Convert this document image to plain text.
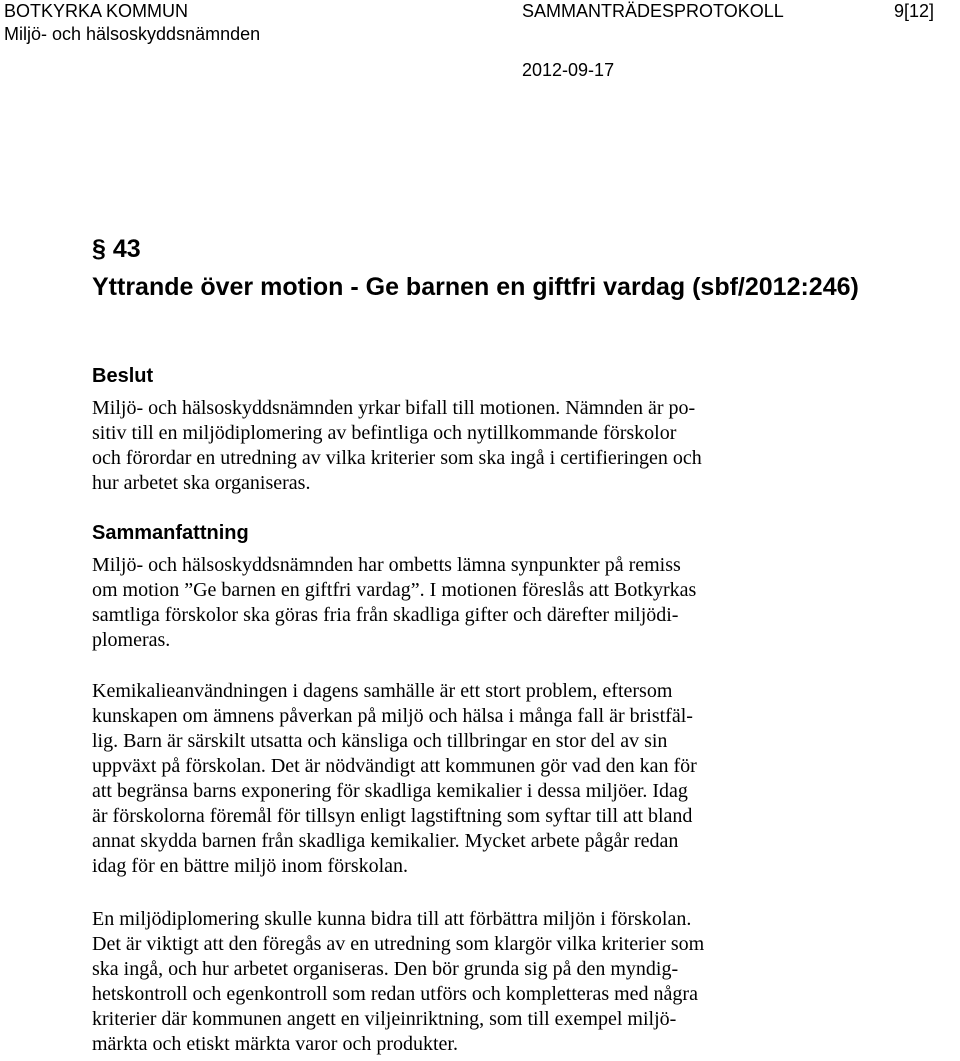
BOTKYRKA KOMMUN
Miljö- och hälsoskyddsnämnden
SAMMANTRÄDESPROTOKOLL	9[12]
2012-09-17
§ 43
Yttrande över motion - Ge barnen en giftfri vardag (sbf/2012:246)
Beslut
Miljö- och hälsoskyddsnämnden yrkar bifall till motionen. Nämnden är po-
sitiv till en miljödiplomering av befintliga och nytillkommande förskolor
och förordar en utredning av vilka kriterier som ska ingå i certifieringen och
hur arbetet ska organiseras.
Sammanfattning
Miljö- och hälsoskyddsnämnden har ombetts lämna synpunkter på remiss
om motion ”Ge barnen en giftfri vardag”. I motionen föreslås att Botkyrkas
samtliga förskolor ska göras fria från skadliga gifter och därefter miljödi-
plomeras.
Kemikalieanvändningen i dagens samhälle är ett stort problem, eftersom
kunskapen om ämnens påverkan på miljö och hälsa i många fall är bristfäl-
lig. Barn är särskilt utsatta och känsliga och tillbringar en stor del av sin
uppväxt på förskolan. Det är nödvändigt att kommunen gör vad den kan för
att begränsa barns exponering för skadliga kemikalier i dessa miljöer. Idag
är förskolorna föremål för tillsyn enligt lagstiftning som syftar till att bland
annat skydda barnen från skadliga kemikalier. Mycket arbete pågår redan
idag för en bättre miljö inom förskolan.
En miljödiplomering skulle kunna bidra till att förbättra miljön i förskolan.
Det är viktigt att den föregås av en utredning som klargör vilka kriterier som
ska ingå, och hur arbetet organiseras. Den bör grunda sig på den myndig-
hetskontroll och egenkontroll som redan utförs och kompletteras med några
kriterier där kommunen angett en viljeinriktning, som till exempel miljö-
märkta och etiskt märkta varor och produkter.
